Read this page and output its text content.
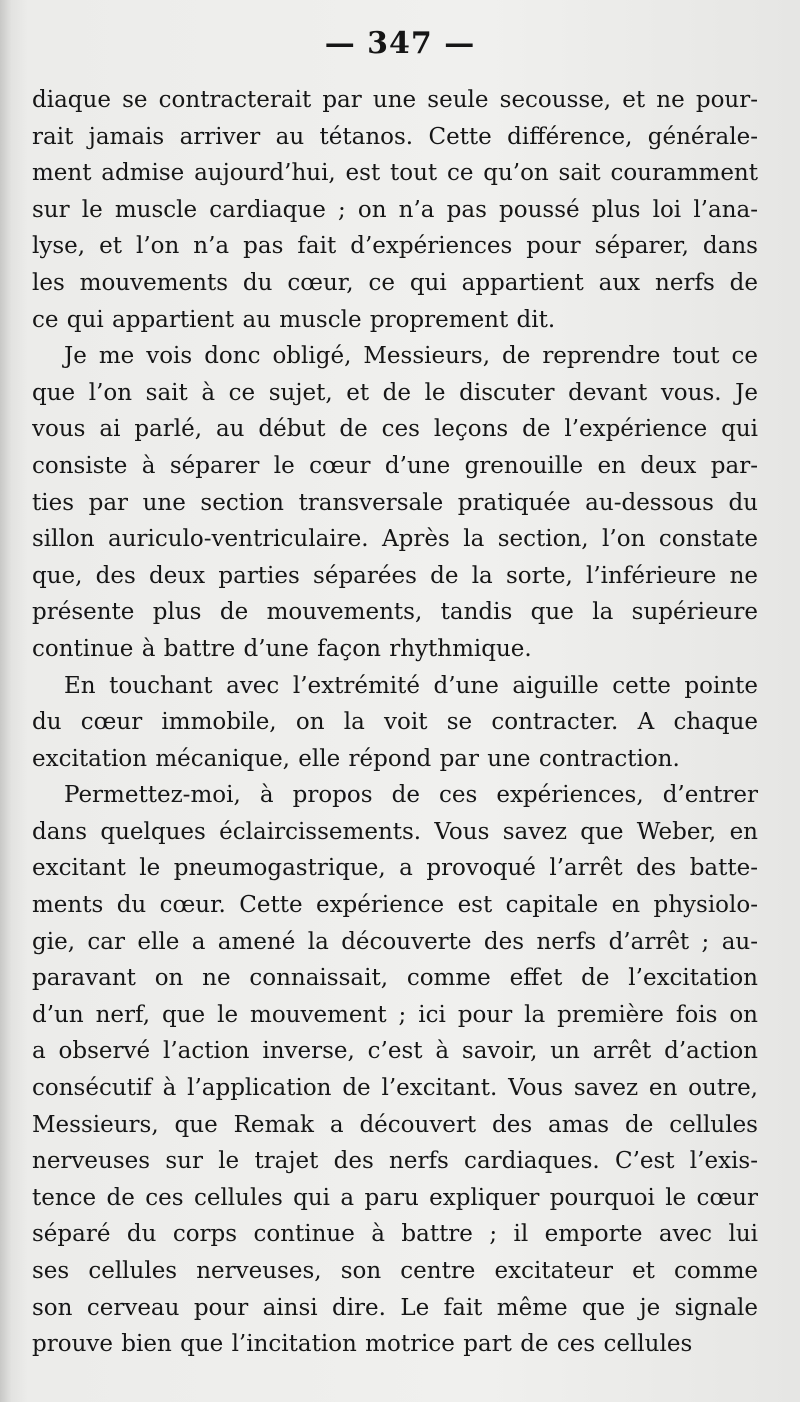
— 347 —
diaque se contracterait par une seule secousse, et ne pour-
rait jamais arriver au tétanos. Cette différence, générale-
ment admise aujourd’hui, est tout ce qu’on sait couramment
sur le muscle cardiaque ; on n’a pas poussé plus loi l’ana-
lyse, et l’on n’a pas fait d’expériences pour séparer, dans
les mouvements du cœur, ce qui appartient aux nerfs de
ce qui appartient au muscle proprement dit.
Je me vois donc obligé, Messieurs, de reprendre tout ce
que l’on sait à ce sujet, et de le discuter devant vous. Je
vous ai parlé, au début de ces leçons de l’expérience qui
consiste à séparer le cœur d’une grenouille en deux par-
ties par une section transversale pratiquée au-dessous du
sillon auriculo-ventriculaire. Après la section, l’on constate
que, des deux parties séparées de la sorte, l’inférieure ne
présente plus de mouvements, tandis que la supérieure
continue à battre d’une façon rhythmique.
En touchant avec l’extrémité d’une aiguille cette pointe
du cœur immobile, on la voit se contracter. A chaque
excitation mécanique, elle répond par une contraction.
Permettez-moi, à propos de ces expériences, d’entrer
dans quelques éclaircissements. Vous savez que Weber, en
excitant le pneumogastrique, a provoqué l’arrêt des batte-
ments du cœur. Cette expérience est capitale en physiolo-
gie, car elle a amené la découverte des nerfs d’arrêt ; au-
paravant on ne connaissait, comme effet de l’excitation
d’un nerf, que le mouvement ; ici pour la première fois on
a observé l’action inverse, c’est à savoir, un arrêt d’action
consécutif à l’application de l’excitant. Vous savez en outre,
Messieurs, que Remak a découvert des amas de cellules
nerveuses sur le trajet des nerfs cardiaques. C’est l’exis-
tence de ces cellules qui a paru expliquer pourquoi le cœur
séparé du corps continue à battre ; il emporte avec lui
ses cellules nerveuses, son centre excitateur et comme
son cerveau pour ainsi dire. Le fait même que je signale
prouve bien que l’incitation motrice part de ces cellules
